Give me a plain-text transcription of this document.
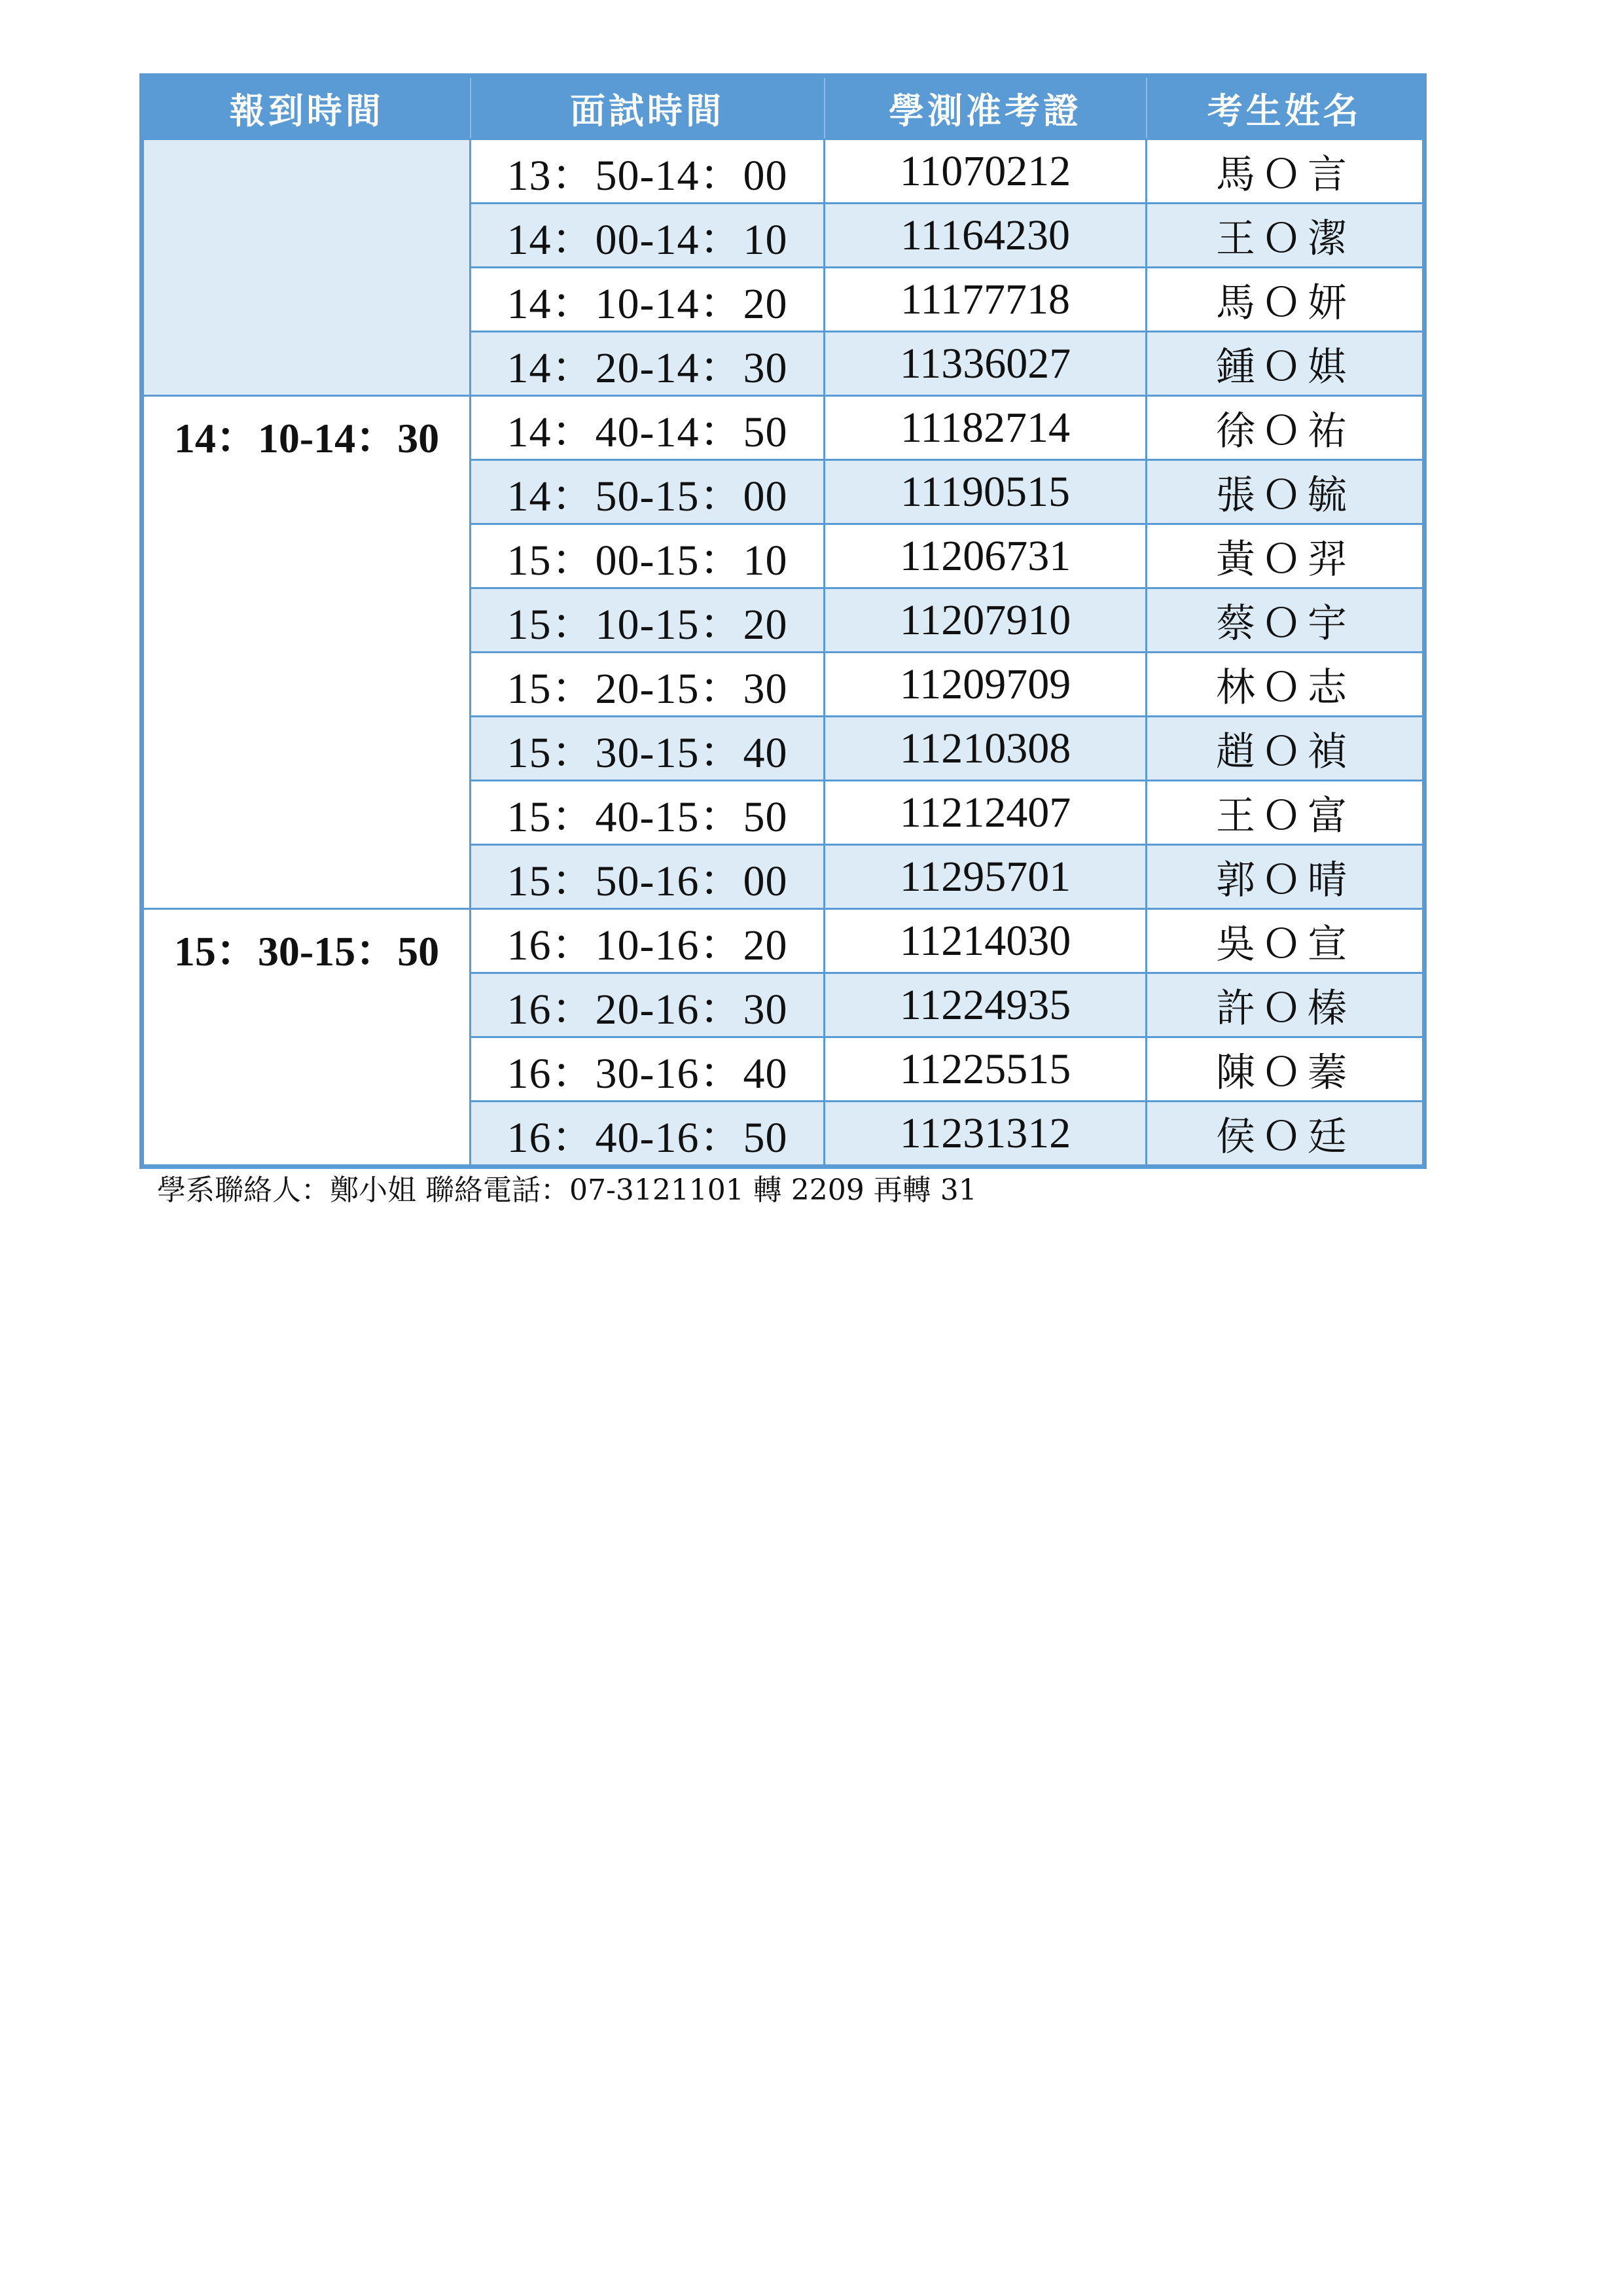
報到時間	面試時間	學測准考證	考生姓名
	13：50-14：00	11070212	馬Ｏ言
	14：00-14：10	11164230	王Ｏ潔
	14：10-14：20	11177718	馬Ｏ妍
	14：20-14：30	11336027	鍾Ｏ娸
14：10-14：30	14：40-14：50	11182714	徐Ｏ祐
	14：50-15：00	11190515	張Ｏ毓
	15：00-15：10	11206731	黃Ｏ羿
	15：10-15：20	11207910	蔡Ｏ宇
	15：20-15：30	11209709	林Ｏ志
	15：30-15：40	11210308	趙Ｏ禎
	15：40-15：50	11212407	王Ｏ富
	15：50-16：00	11295701	郭Ｏ晴
15：30-15：50	16：10-16：20	11214030	吳Ｏ宣
	16：20-16：30	11224935	許Ｏ榛
	16：30-16：40	11225515	陳Ｏ蓁
	16：40-16：50	11231312	侯Ｏ廷
學系聯絡人：鄭小姐 聯絡電話：07-3121101 轉 2209 再轉 31
